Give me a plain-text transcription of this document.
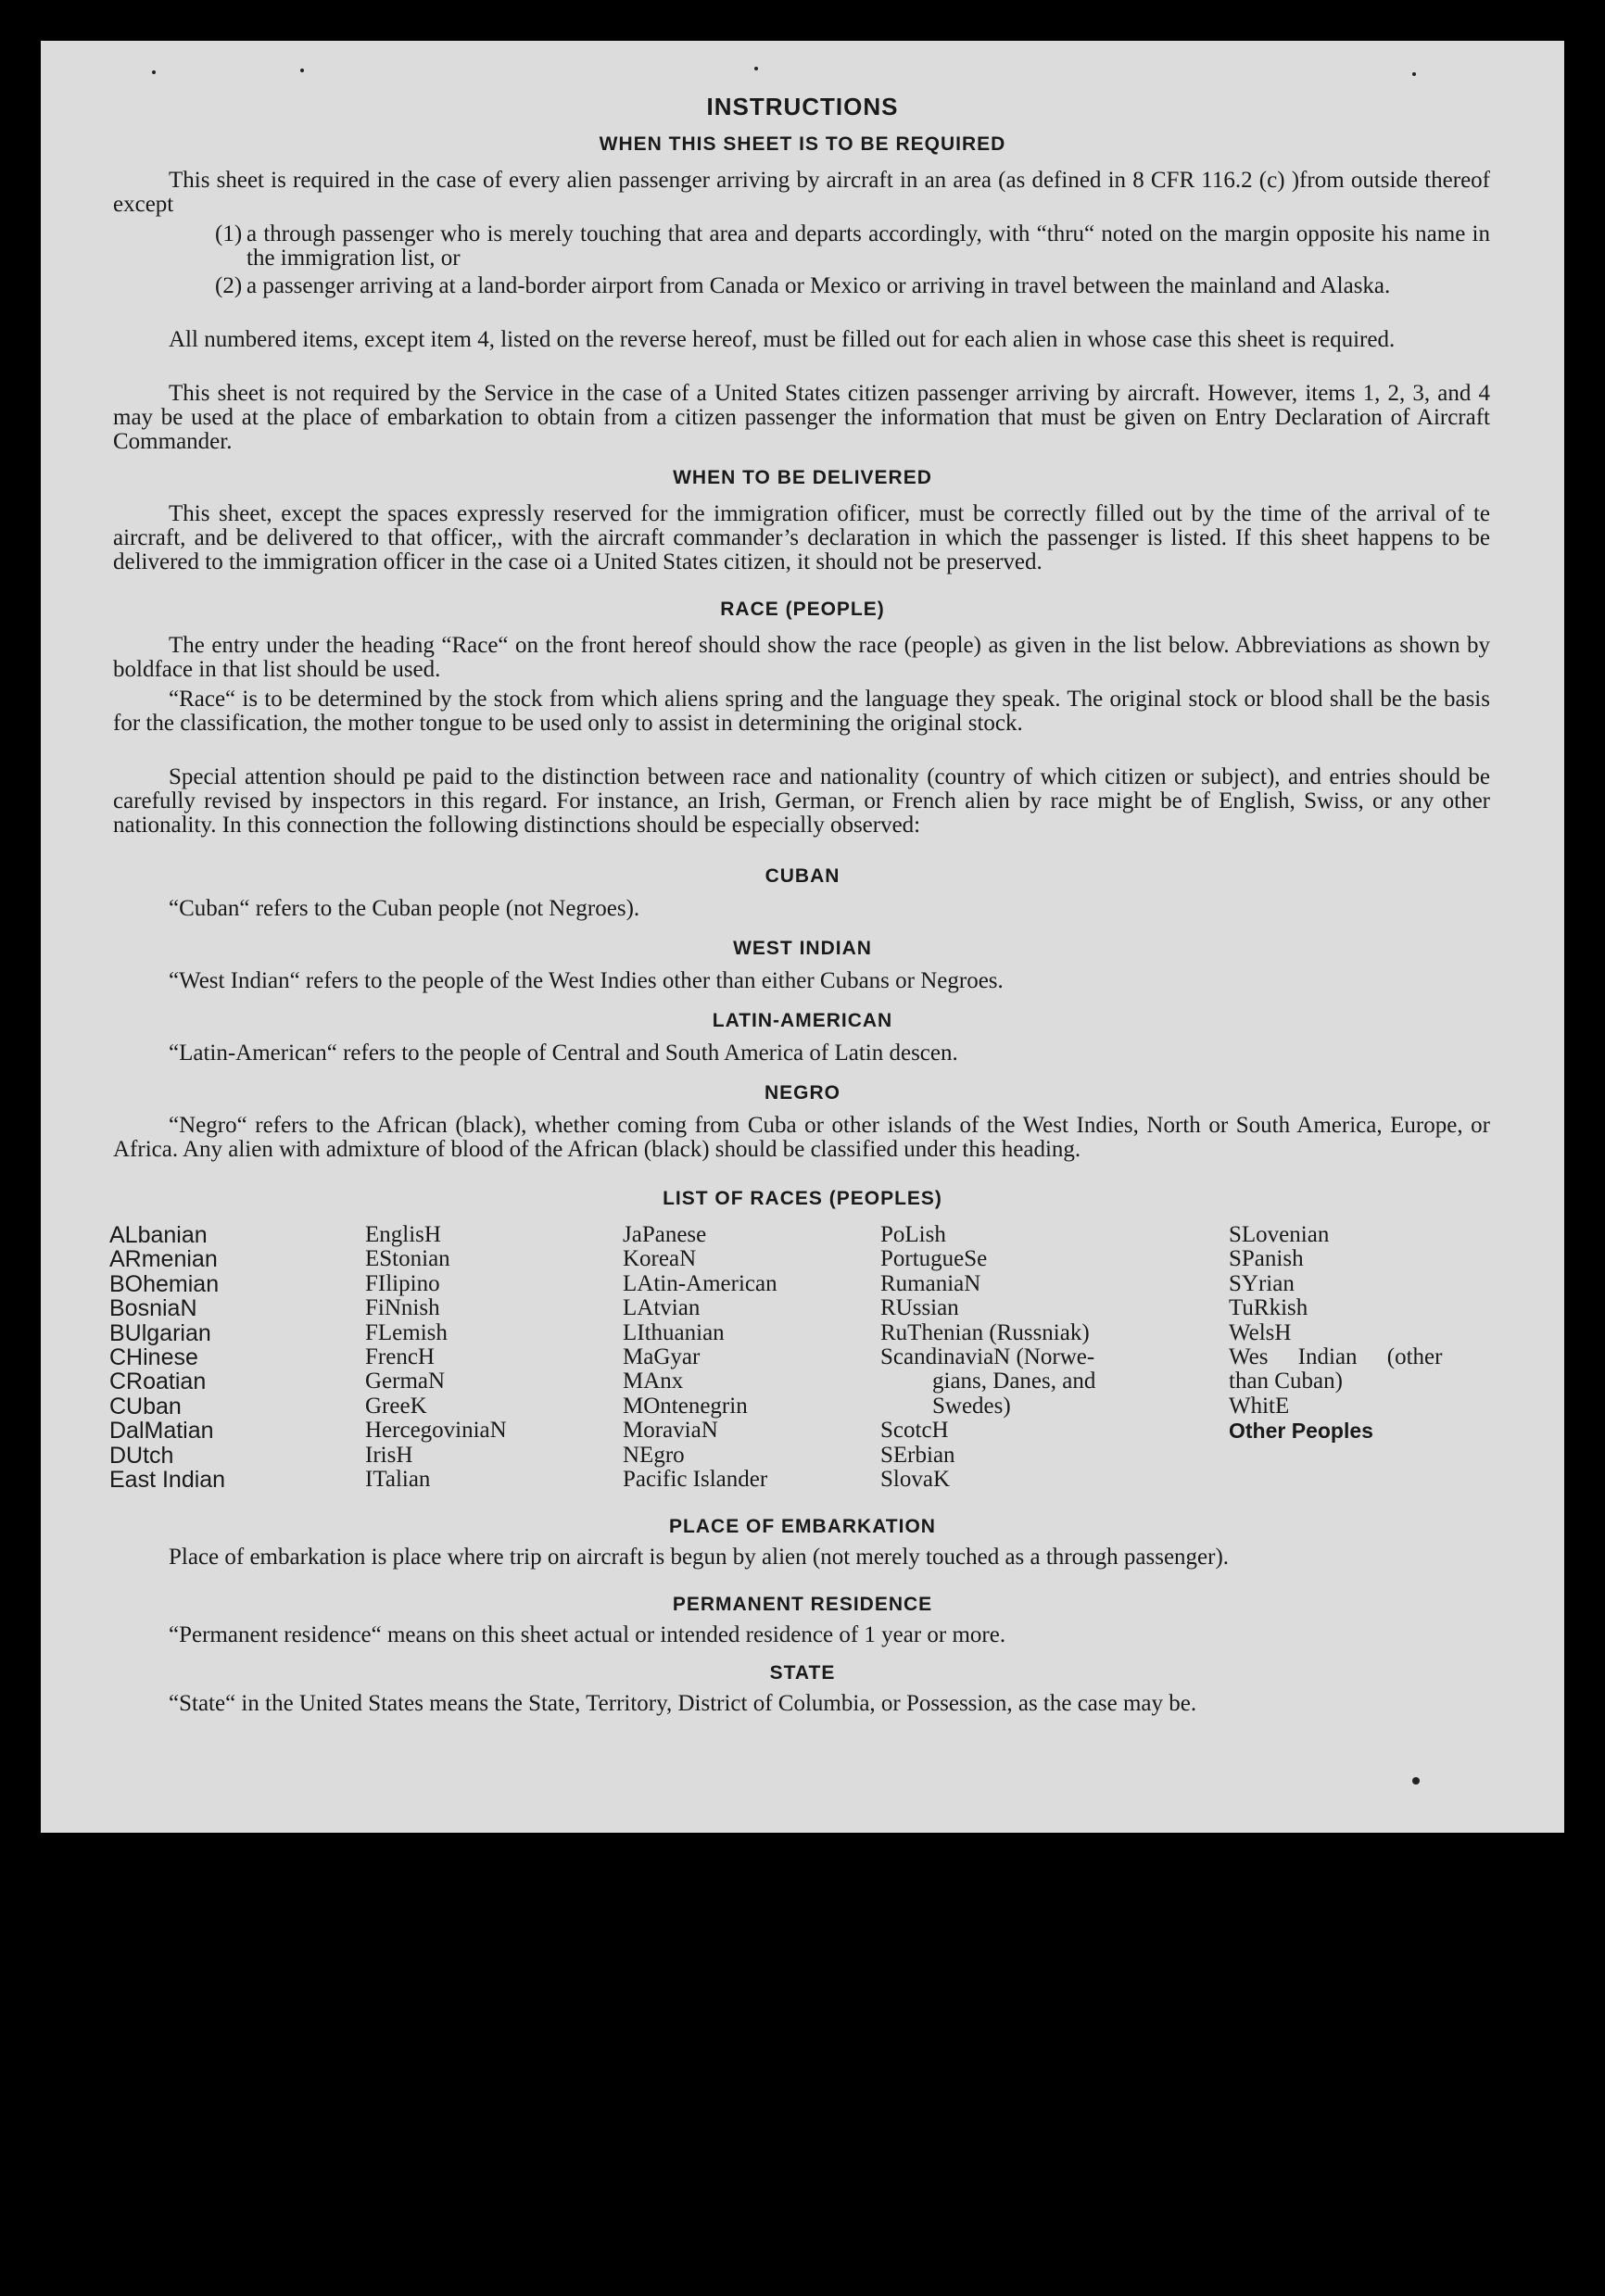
INSTRUCTIONS
WHEN THIS SHEET IS TO BE REQUIRED
This sheet is required in the case of every alien passenger arriving by aircraft in an area (as defined in 8 CFR 116.2 (c) )from outside thereof except
(1) a through passenger who is merely touching that area and departs accordingly, with “thru“ noted on the margin opposite his name in the immigration list, or
(2) a passenger arriving at a land-border airport from Canada or Mexico or arriving in travel between the mainland and Alaska.
All numbered items, except item 4, listed on the reverse hereof, must be filled out for each alien in whose case this sheet is required.
This sheet is not required by the Service in the case of a United States citizen passenger arriving by aircraft. However, items 1, 2, 3, and 4 may be used at the place of embarkation to obtain from a citizen passenger the information that must be given on Entry Declaration of Aircraft Commander.
WHEN TO BE DELIVERED
This sheet, except the spaces expressly reserved for the immigration ofificer, must be correctly filled out by the time of the arrival of te aircraft, and be delivered to that officer,, with the aircraft commander’s declaration in which the passenger is listed. If this sheet happens to be delivered to the immigration officer in the case oi a United States citizen, it should not be preserved.
RACE (PEOPLE)
The entry under the heading “Race“ on the front hereof should show the race (people) as given in the list below. Abbreviations as shown by boldface in that list should be used.
“Race“ is to be determined by the stock from which aliens spring and the language they speak. The original stock or blood shall be the basis for the classification, the mother tongue to be used only to assist in determining the original stock.
Special attention should pe paid to the distinction between race and nationality (country of which citizen or subject), and entries should be carefully revised by inspectors in this regard. For instance, an Irish, German, or French alien by race might be of English, Swiss, or any other nationality. In this connection the following distinctions should be especially observed:
CUBAN
“Cuban“ refers to the Cuban people (not Negroes).
WEST INDIAN
“West Indian“ refers to the people of the West Indies other than either Cubans or Negroes.
LATIN-AMERICAN
“Latin-American“ refers to the people of Central and South America of Latin descen.
NEGRO
“Negro“ refers to the African (black), whether coming from Cuba or other islands of the West Indies, North or South America, Europe, or Africa. Any alien with admixture of blood of the African (black) should be classified under this heading.
LIST OF RACES (PEOPLES)
ALbanian
ARmenian
BOhemian
BosniaN
BUlgarian
CHinese
CRoatian
CUban
DalMatian
DUtch
East Indian
EnglisH
EStonian
FIlipino
FiNnish
FLemish
FrencH
GermaN
GreeK
HercegoviniaN
IrisH
ITalian
JaPanese
KoreaN
LAtin-American
LAtvian
LIthuanian
MaGyar
MAnx
MOntenegrin
MoraviaN
NEgro
Pacific Islander
PoLish
PortugueSe
RumaniaN
RUssian
RuThenian (Russniak)
ScandinaviaN (Norwe-
gians, Danes, and
Swedes)
ScotcH
SErbian
SlovaK
SLovenian
SPanish
SYrian
TuRkish
WelsH
Wes Indian (other
than Cuban)
WhitE
Other Peoples
PLACE OF EMBARKATION
Place of embarkation is place where trip on aircraft is begun by alien (not merely touched as a through passenger).
PERMANENT RESIDENCE
“Permanent residence“ means on this sheet actual or intended residence of 1 year or more.
STATE
“State“ in the United States means the State, Territory, District of Columbia, or Possession, as the case may be.
